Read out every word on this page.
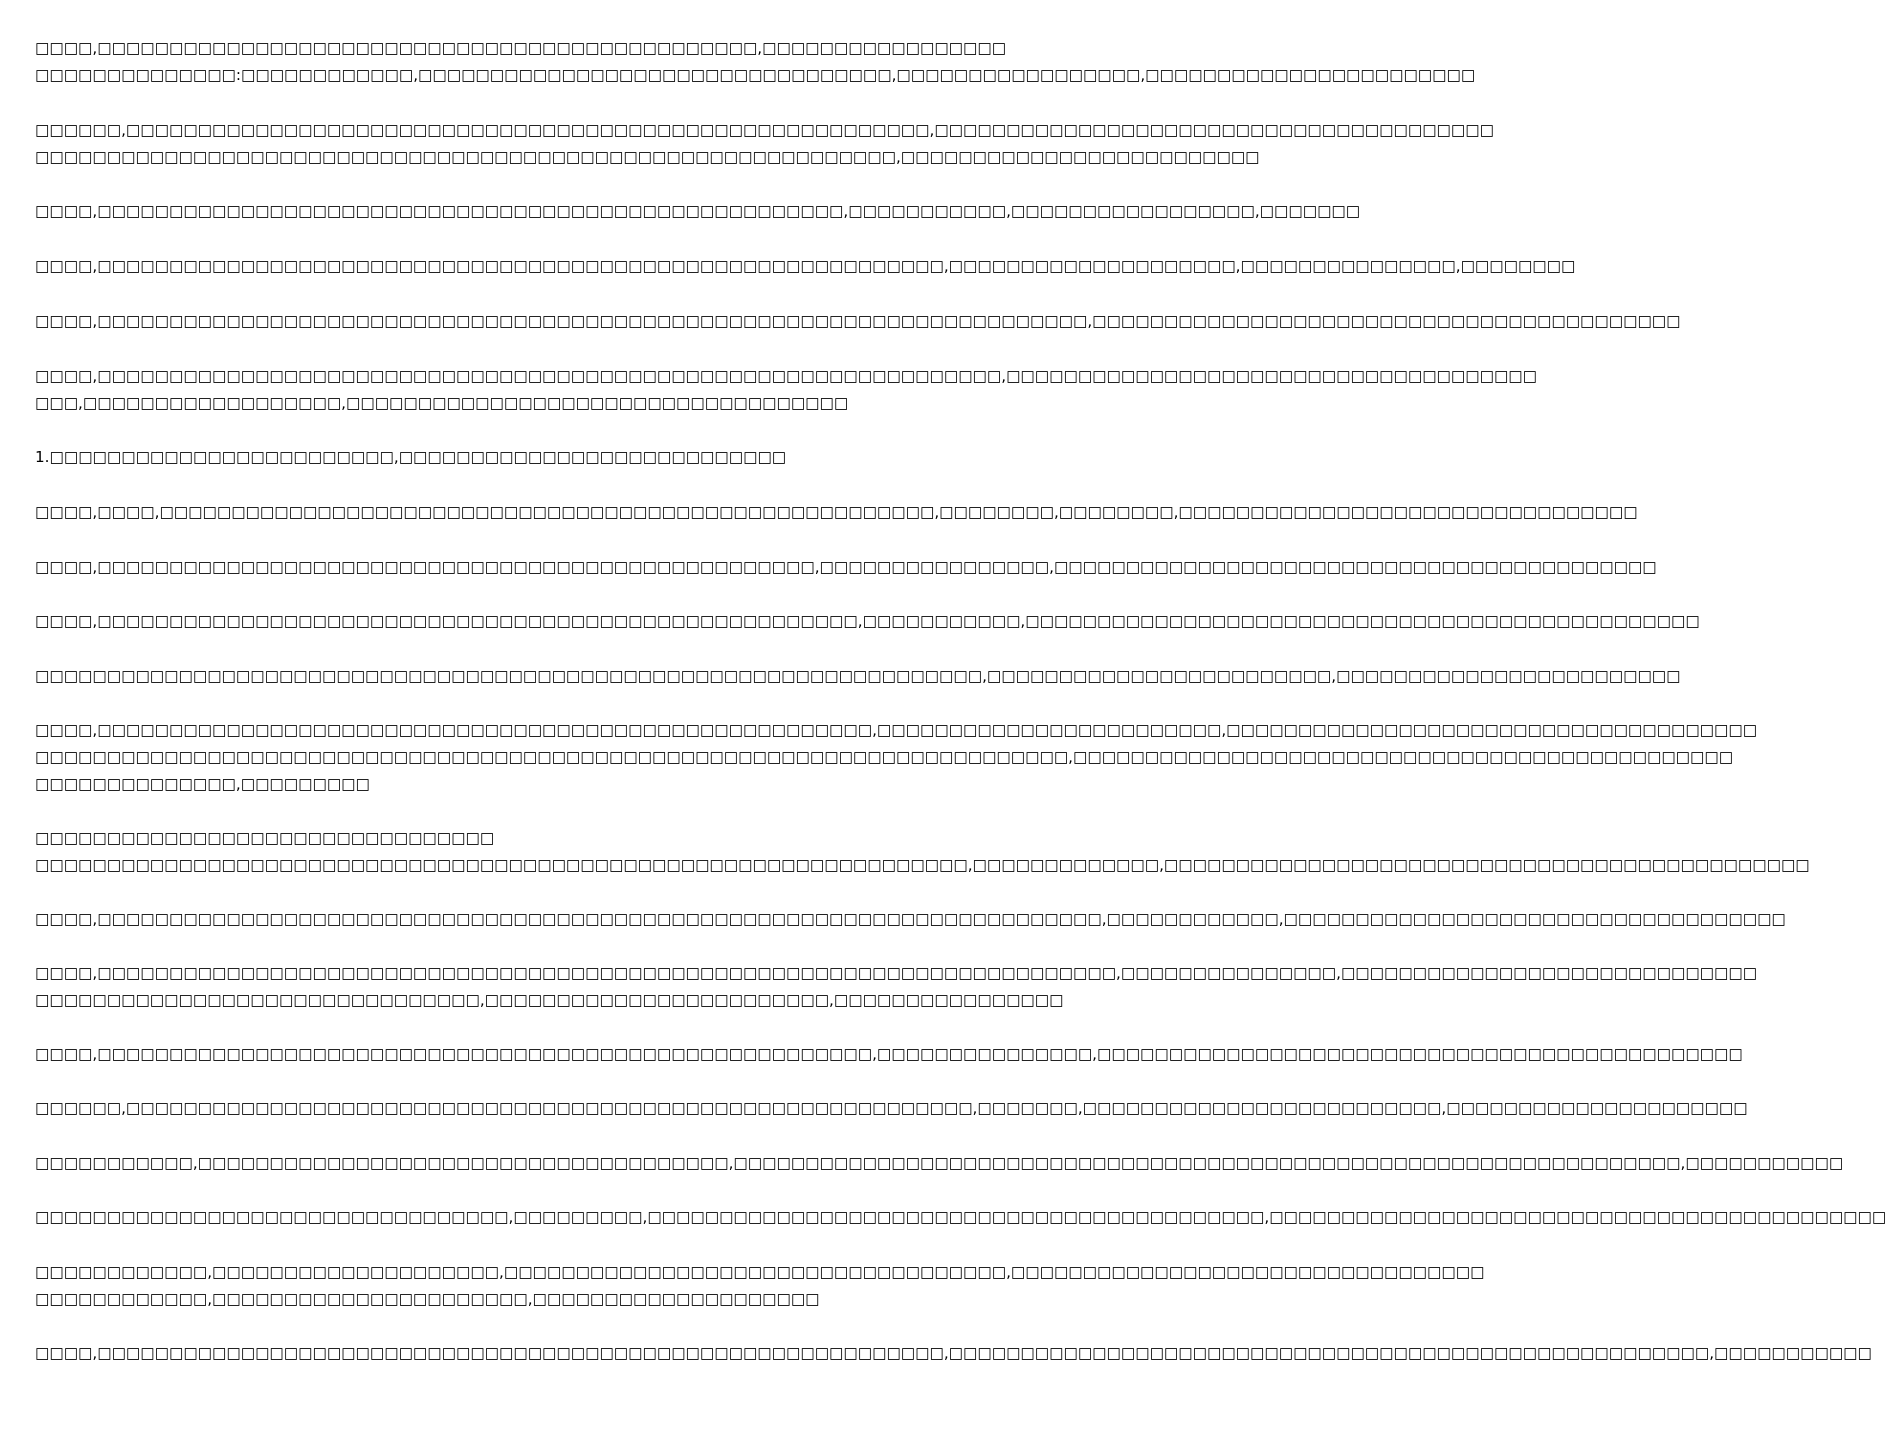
□□□□,□□□□□□□□□□□□□□□□□□□□□□□□□□□□□□□□□□□□□□□□□□□□□□,□□□□□□□□□□□□□□□□□
□□□□□□□□□□□□□□:□□□□□□□□□□□□,□□□□□□□□□□□□□□□□□□□□□□□□□□□□□□□□□,□□□□□□□□□□□□□□□□□,□□□□□□□□□□□□□□□□□□□□□□□
□□□□□□,□□□□□□□□□□□□□□□□□□□□□□□□□□□□□□□□□□□□□□□□□□□□□□□□□□□□□□□□,□□□□□□□□□□□□□□□□□□□□□□□□□□□□□□□□□□□□□□□
□□□□□□□□□□□□□□□□□□□□□□□□□□□□□□□□□□□□□□□□□□□□□□□□□□□□□□□□□□□□,□□□□□□□□□□□□□□□□□□□□□□□□□
□□□□,□□□□□□□□□□□□□□□□□□□□□□□□□□□□□□□□□□□□□□□□□□□□□□□□□□□□,□□□□□□□□□□□,□□□□□□□□□□□□□□□□□,□□□□□□□
□□□□,□□□□□□□□□□□□□□□□□□□□□□□□□□□□□□□□□□□□□□□□□□□□□□□□□□□□□□□□□□□,□□□□□□□□□□□□□□□□□□□□,□□□□□□□□□□□□□□□,□□□□□□□□
□□□□,□□□□□□□□□□□□□□□□□□□□□□□□□□□□□□□□□□□□□□□□□□□□□□□□□□□□□□□□□□□□□□□□□□□□□,□□□□□□□□□□□□□□□□□□□□□□□□□□□□□□□□□□□□□□□□□
□□□□,□□□□□□□□□□□□□□□□□□□□□□□□□□□□□□□□□□□□□□□□□□□□□□□□□□□□□□□□□□□□□□□,□□□□□□□□□□□□□□□□□□□□□□□□□□□□□□□□□□□□□
□□□,□□□□□□□□□□□□□□□□□□,□□□□□□□□□□□□□□□□□□□□□□□□□□□□□□□□□□□
1.□□□□□□□□□□□□□□□□□□□□□□□□,□□□□□□□□□□□□□□□□□□□□□□□□□□□
□□□□,□□□□,□□□□□□□□□□□□□□□□□□□□□□□□□□□□□□□□□□□□□□□□□□□□□□□□□□□□□□,□□□□□□□□,□□□□□□□□,□□□□□□□□□□□□□□□□□□□□□□□□□□□□□□□□
□□□□,□□□□□□□□□□□□□□□□□□□□□□□□□□□□□□□□□□□□□□□□□□□□□□□□□□,□□□□□□□□□□□□□□□□,□□□□□□□□□□□□□□□□□□□□□□□□□□□□□□□□□□□□□□□□□□
□□□□,□□□□□□□□□□□□□□□□□□□□□□□□□□□□□□□□□□□□□□□□□□□□□□□□□□□□□,□□□□□□□□□□□,□□□□□□□□□□□□□□□□□□□□□□□□□□□□□□□□□□□□□□□□□□□□□□□
□□□□□□□□□□□□□□□□□□□□□□□□□□□□□□□□□□□□□□□□□□□□□□□□□□□□□□□□□□□□□□□□□□,□□□□□□□□□□□□□□□□□□□□□□□□,□□□□□□□□□□□□□□□□□□□□□□□□
□□□□,□□□□□□□□□□□□□□□□□□□□□□□□□□□□□□□□□□□□□□□□□□□□□□□□□□□□□□,□□□□□□□□□□□□□□□□□□□□□□□□,□□□□□□□□□□□□□□□□□□□□□□□□□□□□□□□□□□□□□
□□□□□□□□□□□□□□□□□□□□□□□□□□□□□□□□□□□□□□□□□□□□□□□□□□□□□□□□□□□□□□□□□□□□□□□□,□□□□□□□□□□□□□□□□□□□□□□□□□□□□□□□□□□□□□□□□□□□□□□
□□□□□□□□□□□□□□,□□□□□□□□□
□□□□□□□□□□□□□□□□□□□□□□□□□□□□□□□□
□□□□□□□□□□□□□□□□□□□□□□□□□□□□□□□□□□□□□□□□□□□□□□□□□□□□□□□□□□□□□□□□□,□□□□□□□□□□□□□,□□□□□□□□□□□□□□□□□□□□□□□□□□□□□□□□□□□□□□□□□□□□□
□□□□,□□□□□□□□□□□□□□□□□□□□□□□□□□□□□□□□□□□□□□□□□□□□□□□□□□□□□□□□□□□□□□□□□□□□□□,□□□□□□□□□□□□,□□□□□□□□□□□□□□□□□□□□□□□□□□□□□□□□□□□
□□□□,□□□□□□□□□□□□□□□□□□□□□□□□□□□□□□□□□□□□□□□□□□□□□□□□□□□□□□□□□□□□□□□□□□□□□□□,□□□□□□□□□□□□□□□,□□□□□□□□□□□□□□□□□□□□□□□□□□□□□
□□□□□□□□□□□□□□□□□□□□□□□□□□□□□□□,□□□□□□□□□□□□□□□□□□□□□□□□,□□□□□□□□□□□□□□□□
□□□□,□□□□□□□□□□□□□□□□□□□□□□□□□□□□□□□□□□□□□□□□□□□□□□□□□□□□□□,□□□□□□□□□□□□□□□,□□□□□□□□□□□□□□□□□□□□□□□□□□□□□□□□□□□□□□□□□□□□□
□□□□□□,□□□□□□□□□□□□□□□□□□□□□□□□□□□□□□□□□□□□□□□□□□□□□□□□□□□□□□□□□□□,□□□□□□□,□□□□□□□□□□□□□□□□□□□□□□□□□,□□□□□□□□□□□□□□□□□□□□□
□□□□□□□□□□□,□□□□□□□□□□□□□□□□□□□□□□□□□□□□□□□□□□□□□,□□□□□□□□□□□□□□□□□□□□□□□□□□□□□□□□□□□□□□□□□□□□□□□□□□□□□□□□□□□□□□□□□□,□□□□□□□□□□□
□□□□□□□□□□□□□□□□□□□□□□□□□□□□□□□□□,□□□□□□□□□,□□□□□□□□□□□□□□□□□□□□□□□□□□□□□□□□□□□□□□□□□□□,□□□□□□□□□□□□□□□□□□□□□□□□□□□□□□□□□□□□□□□□□□□
□□□□□□□□□□□□,□□□□□□□□□□□□□□□□□□□□,□□□□□□□□□□□□□□□□□□□□□□□□□□□□□□□□□□□,□□□□□□□□□□□□□□□□□□□□□□□□□□□□□□□□□
□□□□□□□□□□□□,□□□□□□□□□□□□□□□□□□□□□□,□□□□□□□□□□□□□□□□□□□□
□□□□,□□□□□□□□□□□□□□□□□□□□□□□□□□□□□□□□□□□□□□□□□□□□□□□□□□□□□□□□□□□,□□□□□□□□□□□□□□□□□□□□□□□□□□□□□□□□□□□□□□□□□□□□□□□□□□□□□,□□□□□□□□□□□
